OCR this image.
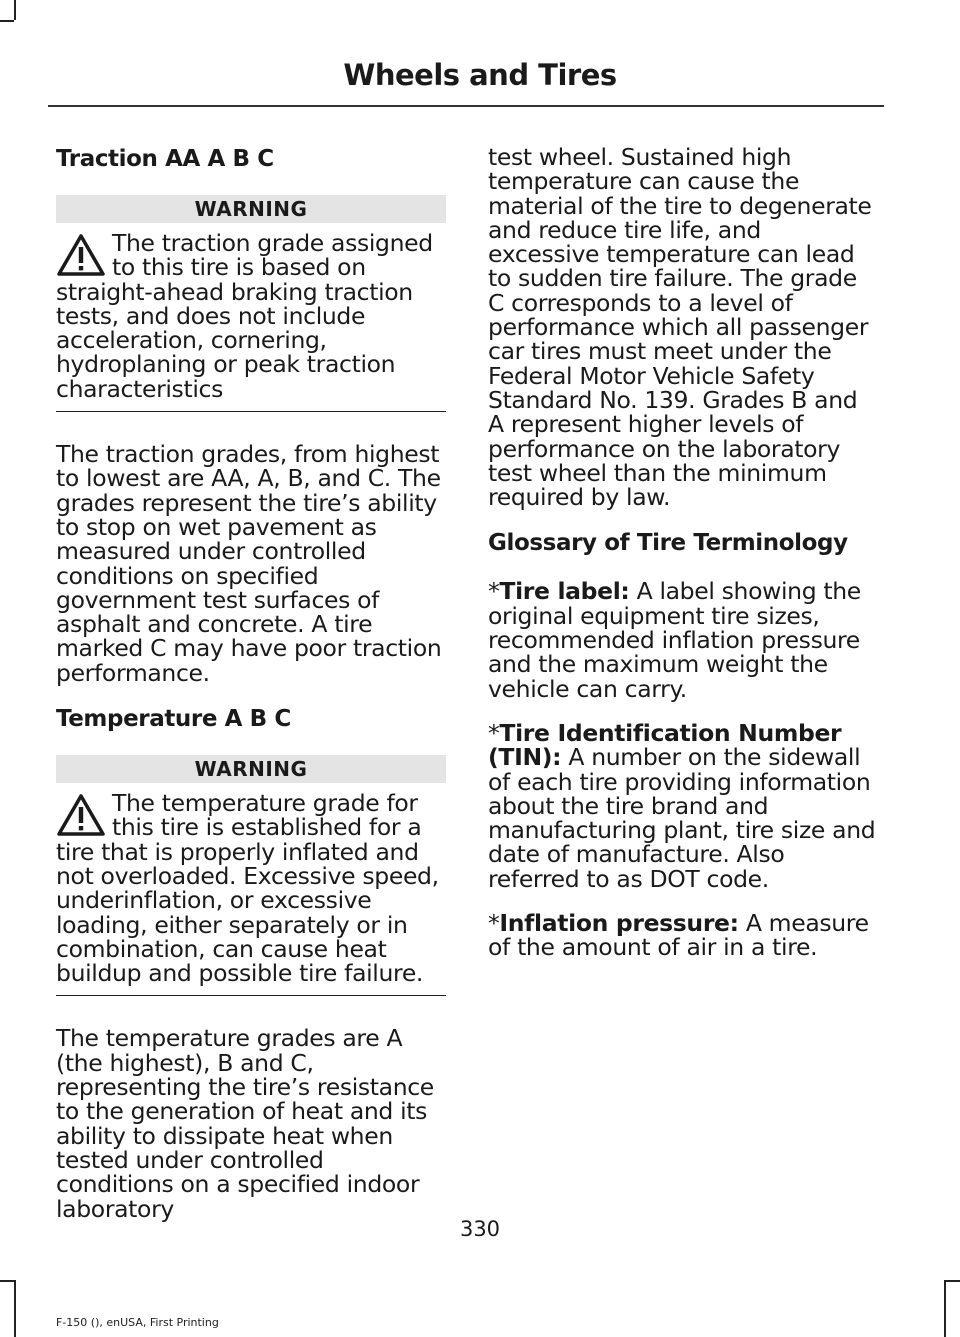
Wheels and Tires
Traction AA A B C
WARNING
The traction grade assigned to this tire is based on straight-ahead braking traction tests, and does not include acceleration, cornering, hydroplaning or peak traction characteristics

The traction grades, from highest to lowest are AA, A, B, and C. The grades represent the tire’s ability to stop on wet pavement as measured under controlled conditions on specified government test surfaces of asphalt and concrete. A tire marked C may have poor traction performance.

Temperature A B C
WARNING
The temperature grade for this tire is established for a tire that is properly inflated and not overloaded. Excessive speed, underinflation, or excessive loading, either separately or in combination, can cause heat buildup and possible tire failure.

The temperature grades are A (the highest), B and C, representing the tire’s resistance to the generation of heat and its ability to dissipate heat when tested under controlled conditions on a specified indoor laboratory

test wheel. Sustained high temperature can cause the material of the tire to degenerate and reduce tire life, and excessive temperature can lead to sudden tire failure. The grade C corresponds to a level of performance which all passenger car tires must meet under the Federal Motor Vehicle Safety Standard No. 139. Grades B and A represent higher levels of performance on the laboratory test wheel than the minimum required by law.

Glossary of Tire Terminology

*Tire label: A label showing the original equipment tire sizes, recommended inflation pressure and the maximum weight the vehicle can carry.

*Tire Identification Number (TIN): A number on the sidewall of each tire providing information about the tire brand and manufacturing plant, tire size and date of manufacture. Also referred to as DOT code.

*Inflation pressure: A measure of the amount of air in a tire.

330
F-150 (), enUSA, First Printing
